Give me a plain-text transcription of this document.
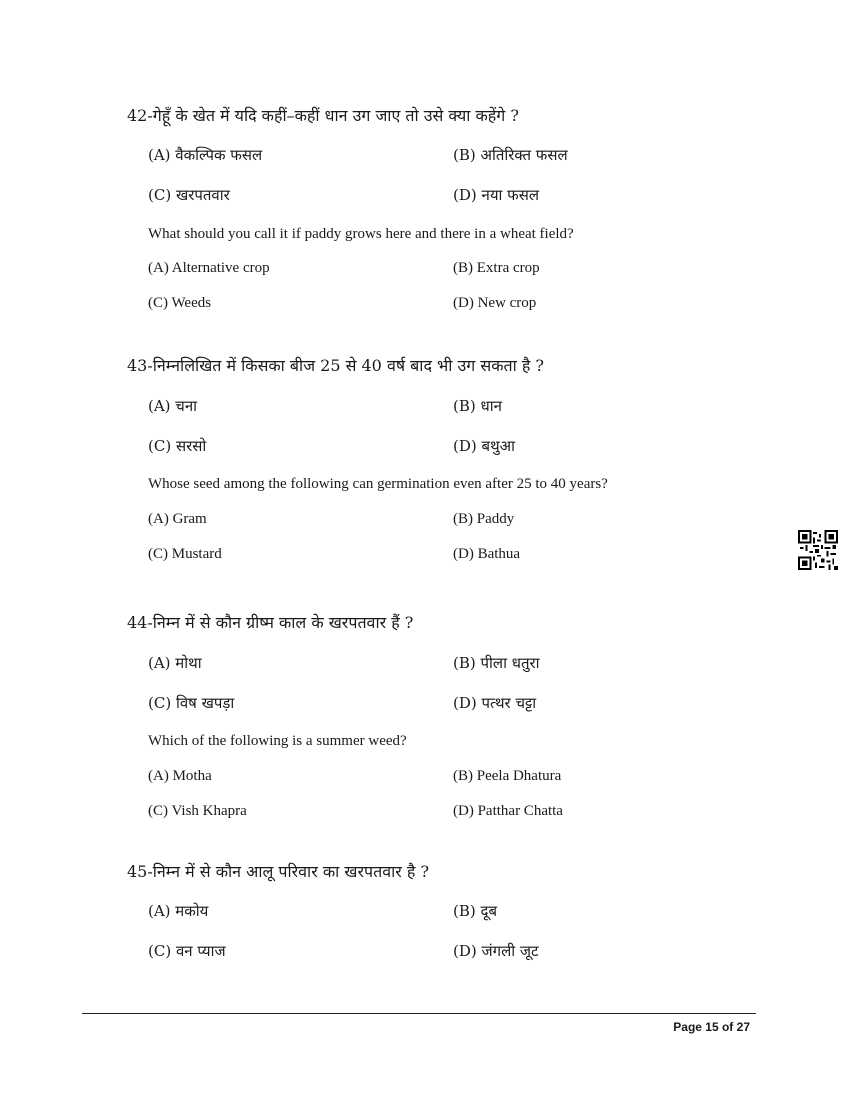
42-गेहूँ के खेत में यदि कहीं–कहीं धान उग जाए तो उसे क्या कहेंगे ?
(A) वैकल्पिक फसल	(B) अतिरिक्त फसल
(C) खरपतवार	(D) नया फसल
What should you call it if paddy grows here and there in a wheat field?
(A) Alternative crop	(B) Extra crop
(C) Weeds	(D) New crop
43-निम्नलिखित में किसका बीज 25 से 40 वर्ष बाद भी उग सकता है ?
(A) चना	(B) धान
(C) सरसो	(D) बथुआ
Whose seed among the following can germination even after 25 to 40 years?
(A) Gram	(B) Paddy
(C) Mustard	(D) Bathua
44-निम्न में से कौन ग्रीष्म काल के खरपतवार हैं ?
(A) मोथा	(B) पीला धतुरा
(C) विष खपड़ा	(D) पत्थर चट्टा
Which of the following is a summer weed?
(A) Motha	(B) Peela Dhatura
(C) Vish Khapra	(D) Patthar Chatta
45-निम्न में से कौन आलू परिवार का खरपतवार है ?
(A) मकोय	(B) दूब
(C) वन प्याज	(D) जंगली जूट
Page 15 of 27
